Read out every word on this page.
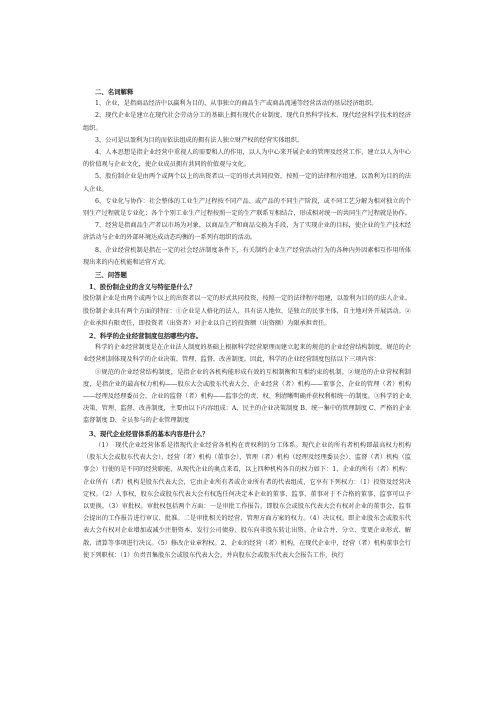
二、名词解释

1、企业，是指商品经济中以赢利为目的，从事独立的商品生产或商品流通等经营活动的基层经济组织。

2、现代企业是建立在现代社会劳动分工的基础上拥有现代企业制度、现代自然科学技术、现代经营科学技术的经济组织。

3、公司是以盈利为目的而依法组成的拥有法人独立财产权的经营实体组织。

4、人本思想是指企业经营中重视人的需要和人的作用，以人为中心来开展企业的管理及经营工作，建立以人为中心的价值观与企业文化，使企业成员拥有共同的价值观与文化。

5、股份制企业是由两个或两个以上的出资者以一定的形式共同投资，按照一定的法律程序组建，以盈利为目的的法人企业。

6、专业化与协作：社会整体的工业生产过程按不同产品、或产品的不同生产阶段，或不同工艺分解为相对独立的个别生产过程就是专业化；各个个别工业生产过程按照一定的生产联系互相结合，形成相对统一的共同生产过程就是协作。

7、经营是指商品生产者以市场为对象，以商品生产和商品交换为手段，为了实现企业的目标，使企业的生产技术经济活动与企业的外部环境达成动态均衡的一系列有组织的活动。

8、企业经营机制是指在一定的社会经济制度条件下，有关制约企业生产经营活动行为的各种内外因素相互作用所体现出来的内在机能和运营方式。

三、问答题

1、股份制企业的含义与特征是什么？

股份制企业是由两个或两个以上的出资者以一定的形式共同投资，按照一定的法律程序组建，以盈利为目的的法人企业。股份制企业具有两个方面的特征：①企业是人格化的法人，具有法人地位，是独立的民事主体，自主地对外开展活动。②企业承担有限责任，即投资者（出资者）对企业以自己的投资额（出资额）为限承担责任。

2、科学的企业经营制度包括哪些内容。

科学的企业经营制度是在企业法人制度的基础上根据科学经营原理而建立起来的规范的企业经营结构制度，规范的企业经营机制体现及科学的企业决策、管理、监督、改善制度。因此，科学的企业经营制度包括以下三项内容：

①规范的企业经营结构制度，是指企业的各机构能形成有效的互相制衡和互相约束的机制。②规范的企业营权利制度，是指企业的最高权力机构——股东大会或股东代表大会、企业经营（者）机构——董事会、企业的管理（者）机构——经理及经理委员会、企业的监督（者）机构——监事会的责、权、利清晰明确并获权利相统一的制度。③科学的企业决策、管理、监督、改善制度，主要由以下内容组成：A、民主的企业决策制度 B、统一集中的管理制度 C、严格的企业监督制度 D、全员参与的企业管理制度

3、现代企业经营体系的基本内容是什么？

（1）　现代企业经营体系是指现代企业经营各机构在责权利的分工体系。现代企业的所有者机构即最高权力机构（股东大会或股东代表大会）、经营（者）机构（董事会）、管理（者）机构（经理及经理委员会）、监督（者）机构（监事会）行使的是不同的经营职能，从现代企业的奥点来看，以上四种机构各自的权力如下：1、企业的所有（者）机构：企业所有（者）机构是股东代表大会，它由企业所有者或企业所有者的代表组成，它享有下列权力：（1）投资及经营决定权。（2）人事权，股东会或股东代表大会有权选任何决定本企业的董事、监事，董事对于不合格的董事、监事可以予以更换。（3）审批权。审批权包括两个方面：一是审批工作报告，即股东会或股东代表大会有权对企业的董事会、监事会提出的工作报告进行审议、批准。二是审批相关的经营、管理方面方案的权力。（4）决议权。即企业股东会或股东代表大会有权对企业增加或减少注册资本、发行公司债券、股东向非股东转让出资、企业合并、分立、变更企业形式、解散、清算等事项进行决议。（5）修改企业章程权。2、企业的经营（者）机构，在现代企业中，经营（者）机构董事会行使下列职权：（1）负责召集股东会或股东代表大会，并向股东会或股东代表大会报告工作，执行
